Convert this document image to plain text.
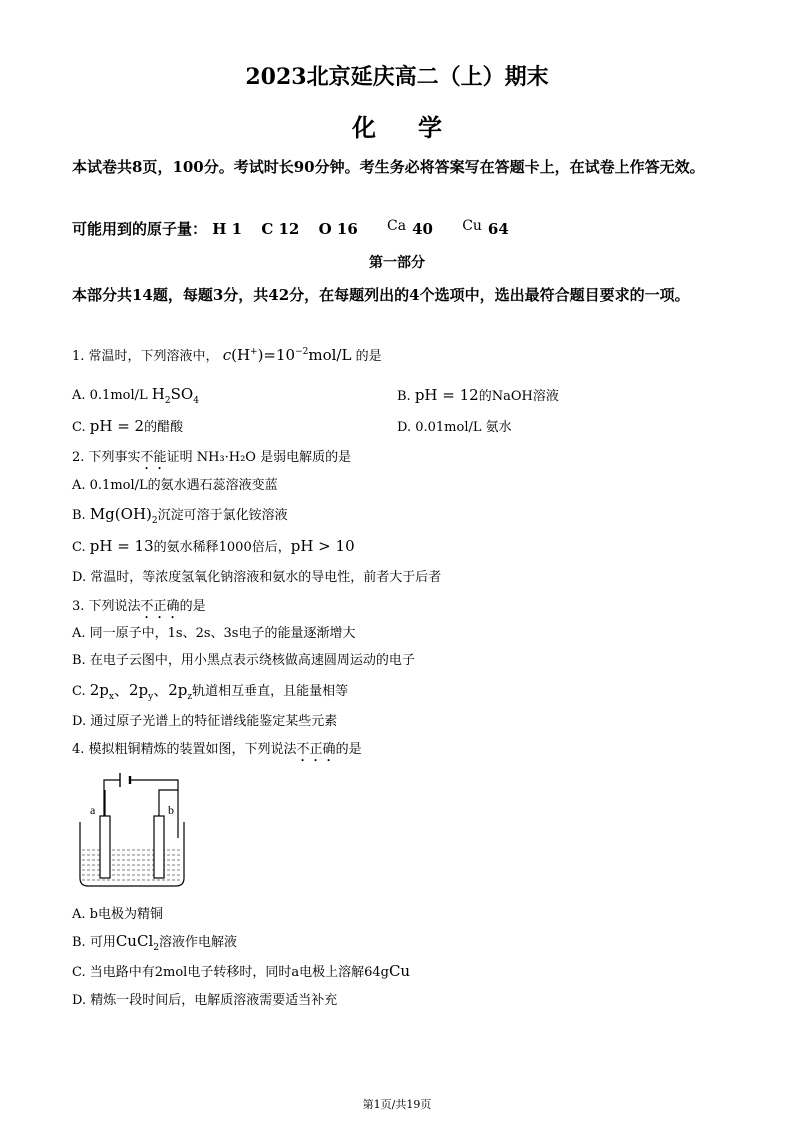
2023北京延庆高二（上）期末
化学
本试卷共8页，100分。考试时长90分钟。考生务必将答案写在答题卡上，在试卷上作答无效。
可能用到的原子量： H 1 C 12 O 16 Ca 40 Cu 64
第一部分
本部分共14题，每题3分，共42分，在每题列出的4个选项中，选出最符合题目要求的一项。
1. 常温时，下列溶液中， $c(H^+)=10^{-2}mol/L$ 的是
A. 0.1mol/L $H_2SO_4$	B. pH = 12的NaOH溶液
C. pH = 2的醋酸	D. 0.01mol/L 氨水
2. 下列事实不能证明 NH₃·H₂O 是弱电解质的是
A. 0.1mol/L的氨水遇石蕊溶液变蓝
B. $Mg(OH)_2$沉淀可溶于氯化铵溶液
C. pH = 13的氨水稀释1000倍后，pH > 10
D. 常温时，等浓度氢氧化钠溶液和氨水的导电性，前者大于后者
3. 下列说法不正确的是
A. 同一原子中，1s、2s、3s电子的能量逐渐增大
B. 在电子云图中，用小黑点表示绕核做高速圆周运动的电子
C. $2p_x$、$2p_y$、$2p_z$轨道相互垂直，且能量相等
D. 通过原子光谱上的特征谱线能鉴定某些元素
4. 模拟粗铜精炼的装置如图，下列说法不正确的是
a	b
A. b电极为精铜
B. 可用CuCl$_2$溶液作电解液
C. 当电路中有2mol电子转移时，同时a电极上溶解64gCu
D. 精炼一段时间后，电解质溶液需要适当补充
第1页/共19页
